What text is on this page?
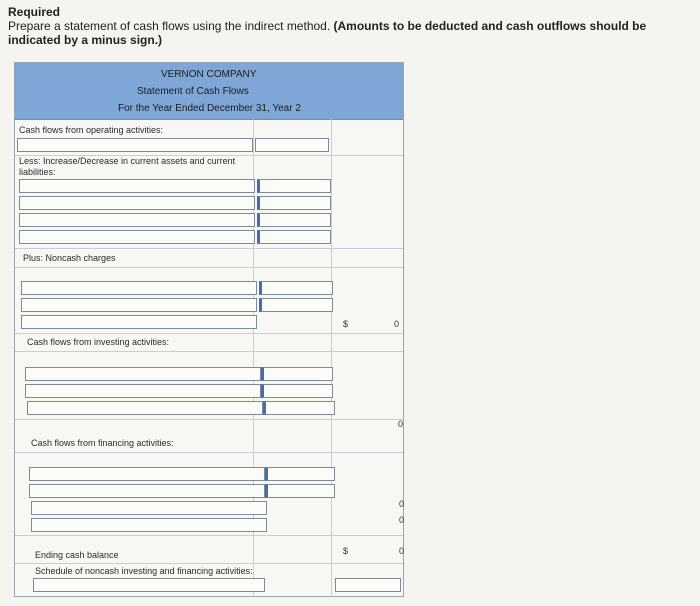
Required
Prepare a statement of cash flows using the indirect method. (Amounts to be deducted and cash outflows should be indicated by a minus sign.)
VERNON COMPANY
Statement of Cash Flows
For the Year Ended December 31, Year 2
Cash flows from operating activities:
Less: Increase/Decrease in current assets and current liabilities:
Plus: Noncash charges
$	0
Cash flows from investing activities:
0
Cash flows from financing activities:
0
0
$	0
Ending cash balance
Schedule of noncash investing and financing activities:
